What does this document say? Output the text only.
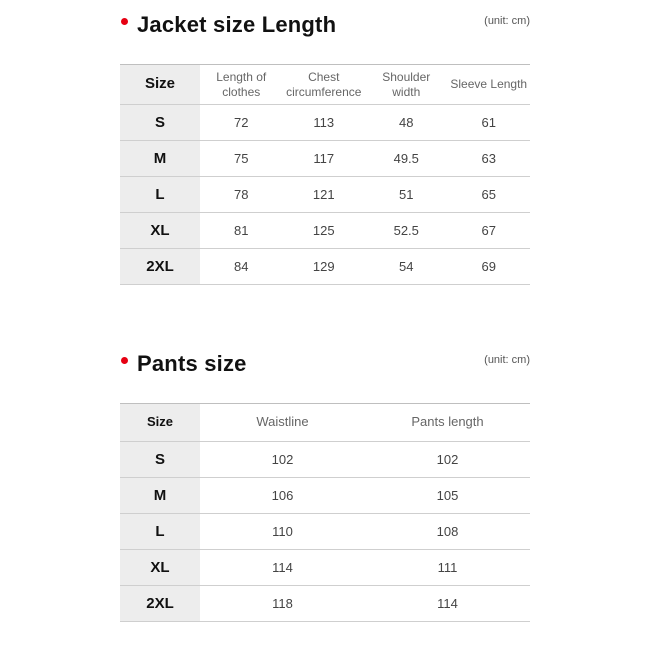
Jacket size Length	(unit: cm)
Size	Length of clothes	Chest circumference	Shoulder width	Sleeve Length
S	72	113	48	61
M	75	117	49.5	63
L	78	121	51	65
XL	81	125	52.5	67
2XL	84	129	54	69
Pants size	(unit: cm)
Size	Waistline	Pants length
S	102	102
M	106	105
L	110	108
XL	114	111
2XL	118	114
